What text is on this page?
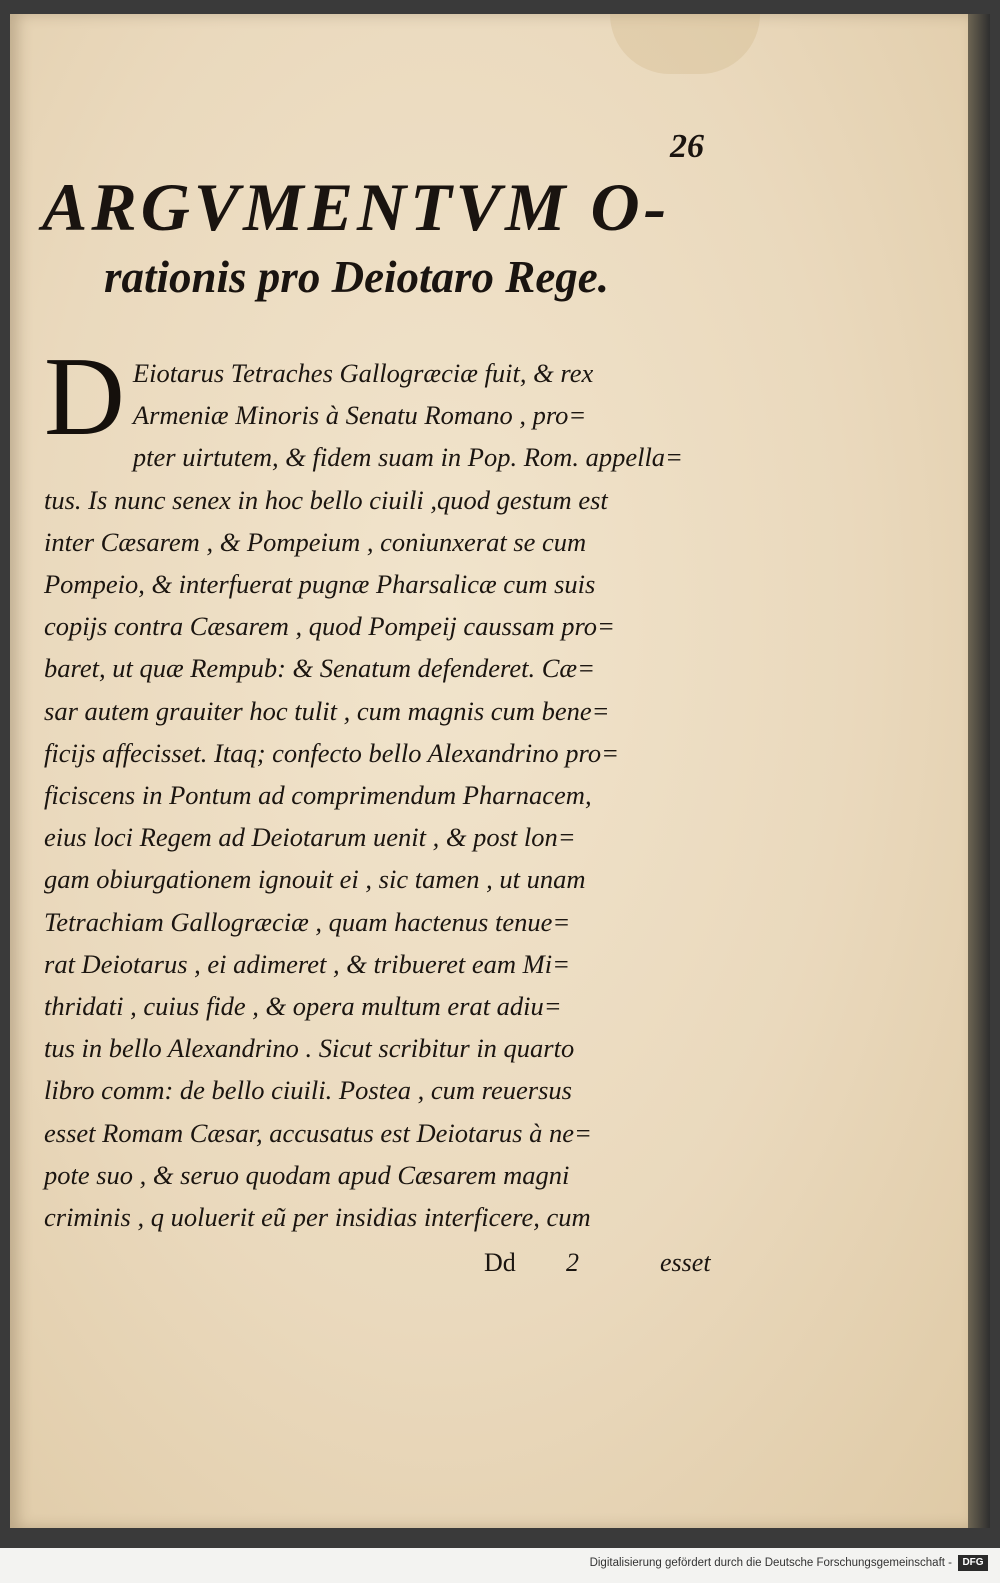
26

ARGVMENTVM O-
rationis pro Deiotaro Rege.
D Eiotarus Tetraches Gallogræciæ fuit, & rex
Armeniæ Minoris à Senatu Romano , pro=
pter uirtutem, & fidem suam in Pop. Rom. appella=
tus. Is nunc senex in hoc bello ciuili ,quod gestum est
inter Cæsarem , & Pompeium , coniunxerat se cum
Pompeio, & interfuerat pugnæ Pharsalicæ cum suis
copijs contra Cæsarem , quod Pompeij caussam pro=
baret, ut quæ Rempub: & Senatum defenderet. Cæ=
sar autem grauiter hoc tulit , cum magnis cum bene=
ficijs affecisset. Itaq; confecto bello Alexandrino pro=
ficiscens in Pontum ad comprimendum Pharnacem,
eius loci Regem ad Deiotarum uenit , & post lon=
gam obiurgationem ignouit ei , sic tamen , ut unam
Tetrachiam Gallogræciæ , quam hactenus tenue=
rat Deiotarus , ei adimeret , & tribueret eam Mi=
thridati , cuius fide , & opera multum erat adiu=
tus in bello Alexandrino . Sicut scribitur in quarto
libro comm: de bello ciuili. Postea , cum reuersus
esset Romam Cæsar, accusatus est Deiotarus à ne=
pote suo , & seruo quodam apud Cæsarem magni
criminis , q uoluerit eũ per insidias interficere, cum
Dd 2	esset
Digitalisierung gefördert durch die Deutsche Forschungsgemeinschaft -	DFG
